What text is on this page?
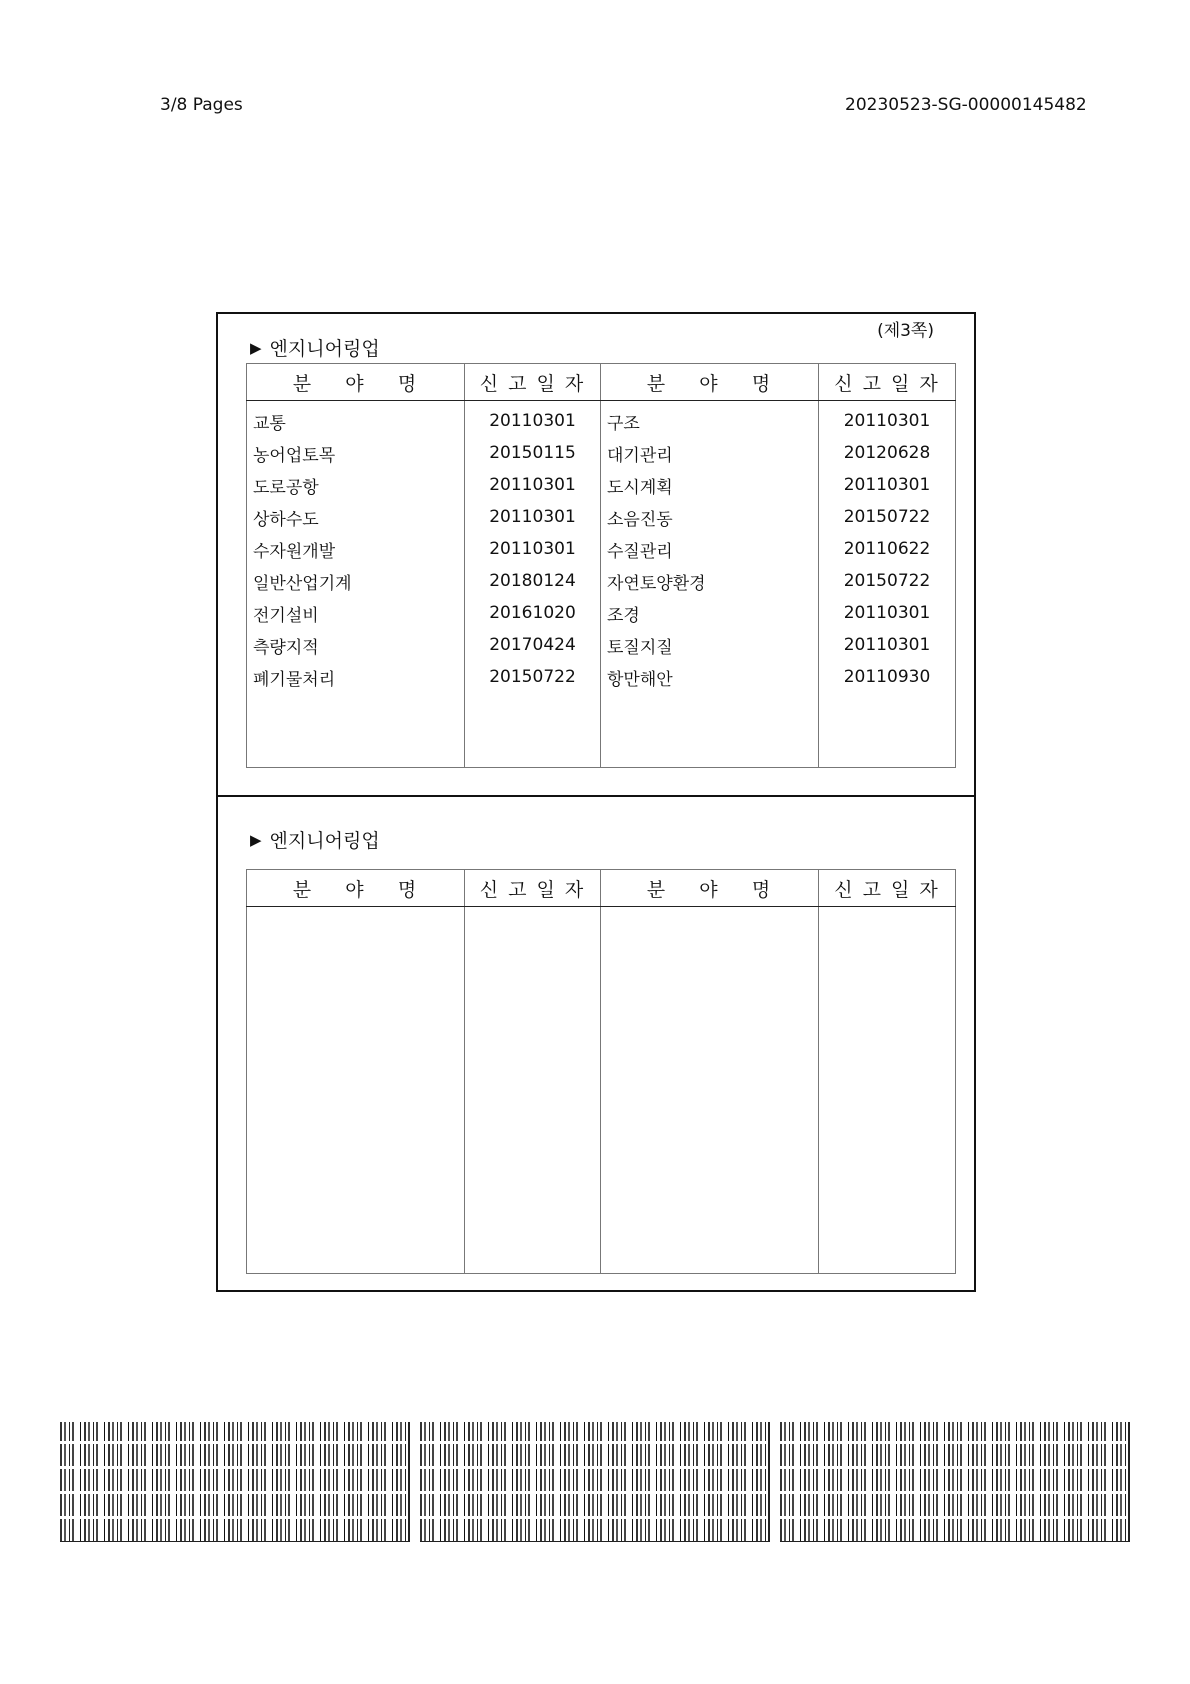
3/8 Pages	20230523-SG-00000145482
(제3쪽)
▶ 엔지니어링업
분    야    명	신 고 일 자	분    야    명	신 고 일 자
교통	20110301	구조	20110301
농어업토목	20150115	대기관리	20120628
도로공항	20110301	도시계획	20110301
상하수도	20110301	소음진동	20150722
수자원개발	20110301	수질관리	20110622
일반산업기계	20180124	자연토양환경	20150722
전기설비	20161020	조경	20110301
측량지적	20170424	토질지질	20110301
폐기물처리	20150722	항만해안	20110930

▶ 엔지니어링업
분    야    명	신 고 일 자	분    야    명	신 고 일 자
